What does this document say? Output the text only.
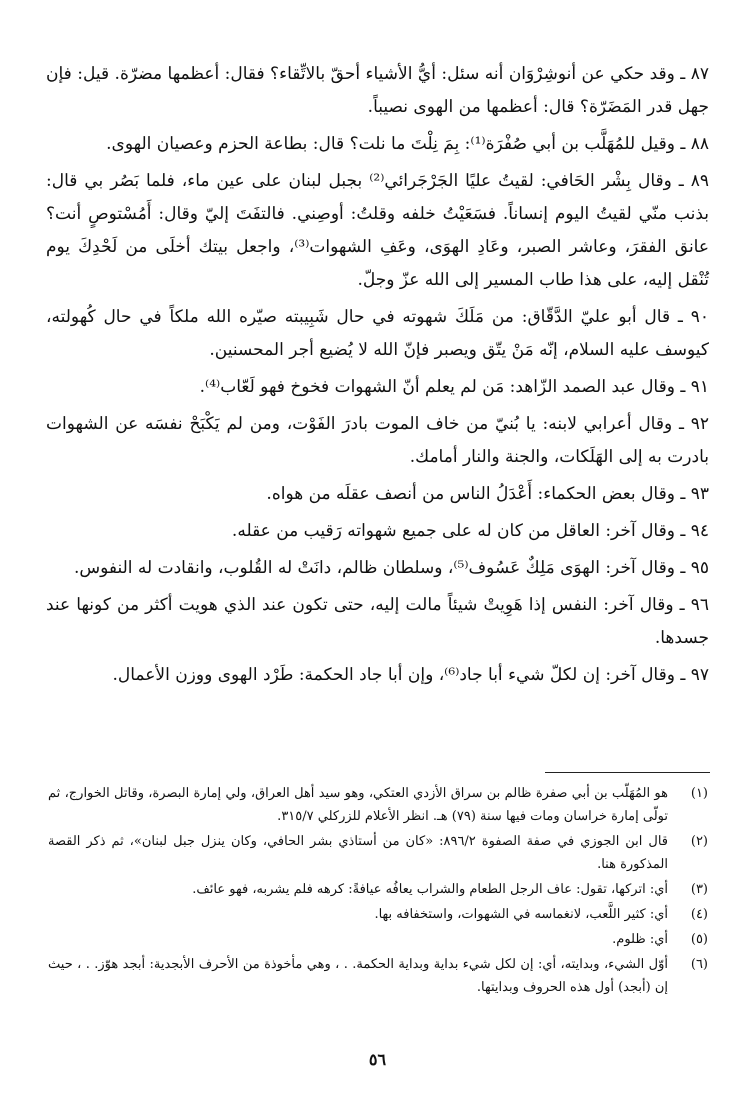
٨٧ ـ وقد حكي عن أنوشِرْوَان أنه سئل: أيُّ الأشياء أحقّ بالاتِّقاء؟ فقال: أعظمها مضرّة. قيل: فإن جهل قدر المَضَرّة؟ قال: أعظمها من الهوى نصيباً.

٨٨ ـ وقيل للمُهَلَّب بن أبي صُفْرَة⁽¹⁾: بِمَ نِلْتَ ما نلت؟ قال: بطاعة الحزم وعصيان الهوى.

٨٩ ـ وقال بِشْر الحَافي: لقيتُ عليًا الجَرْجَرائي⁽²⁾ بجبل لبنان على عين ماء، فلما بَصُر بي قال: بذنب منّي لقيتُ اليوم إنساناً. فسَعَيْتُ خلفه وقلتُ: أوصِني. فالتفَتَ إليّ وقال: أَمُسْتوصٍ أنت؟ عانق الفقرَ، وعاشر الصبر، وعَادِ الهوَى، وعَفِ الشهوات⁽³⁾، واجعل بيتك أخلَى من لَحْدِكَ يوم تُنْقل إليه، على هذا طاب المسير إلى الله عزّ وجلّ.

٩٠ ـ قال أبو عليّ الدَّقّاق: من مَلَكَ شهوته في حال شَبِيبته صيّره الله ملكاً في حال كُهولته، كيوسف عليه السلام، إنّه مَنْ يتّق ويصبر فإنّ الله لا يُضيع أجر المحسنين.

٩١ ـ وقال عبد الصمد الزّاهد: مَن لم يعلم أنّ الشهوات فخوخ فهو لَعّاب⁽⁴⁾.

٩٢ ـ وقال أعرابي لابنه: يا بُنيّ من خاف الموت بادرَ الفَوْت، ومن لم يَكْبَحْ نفسَه عن الشهوات بادرت به إلى الهَلَكات، والجنة والنار أمامك.

٩٣ ـ وقال بعض الحكماء: أَعْدَلُ الناس من أنصف عقلَه من هواه.

٩٤ ـ وقال آخر: العاقل من كان له على جميع شهواته رَقيب من عقله.

٩٥ ـ وقال آخر: الهوَى مَلِكٌ عَسُوف⁽⁵⁾، وسلطان ظالم، دانَتْ له القُلوب، وانقادت له النفوس.

٩٦ ـ وقال آخر: النفس إذا هَوِيتْ شيئاً مالت إليه، حتى تكون عند الذي هويت أكثر من كونها عند جسدها.

٩٧ ـ وقال آخر: إن لكلّ شيء أبا جاد⁽⁶⁾، وإن أبا جاد الحكمة: طَرْد الهوى ووزن الأعمال.

(١)
هو المُهَلّب بن أبي صفرة ظالم بن سراق الأزدي العتكي، وهو سيد أهل العراق، ولي إمارة البصرة، وقاتل الخوارج، ثم تولّى إمارة خراسان ومات فيها سنة (٧٩) هـ. انظر الأعلام للزركلي ٣١٥/٧.
(٢)
قال ابن الجوزي في صفة الصفوة ٨٩٦/٢: «كان من أستاذي بشر الحافي، وكان ينزل جبل لبنان»، ثم ذكر القصة المذكورة هنا.
(٣)
أي: اتركها، تقول: عاف الرجل الطعام والشراب يعافُه عيافةً: كرهه فلم يشربه، فهو عائف.
(٤)
أي: كثير اللَّعب، لانغماسه في الشهوات، واستخفافه بها.
(٥)
أي: ظلوم.
(٦)
أوّل الشيء، وبدايته، أي: إن لكل شيء بداية وبداية الحكمة. . ، وهي مأخوذة من الأحرف الأبجدية: أبجد هوّز. . ، حيث إن (أبجد) أول هذه الحروف وبدايتها.
٥٦
